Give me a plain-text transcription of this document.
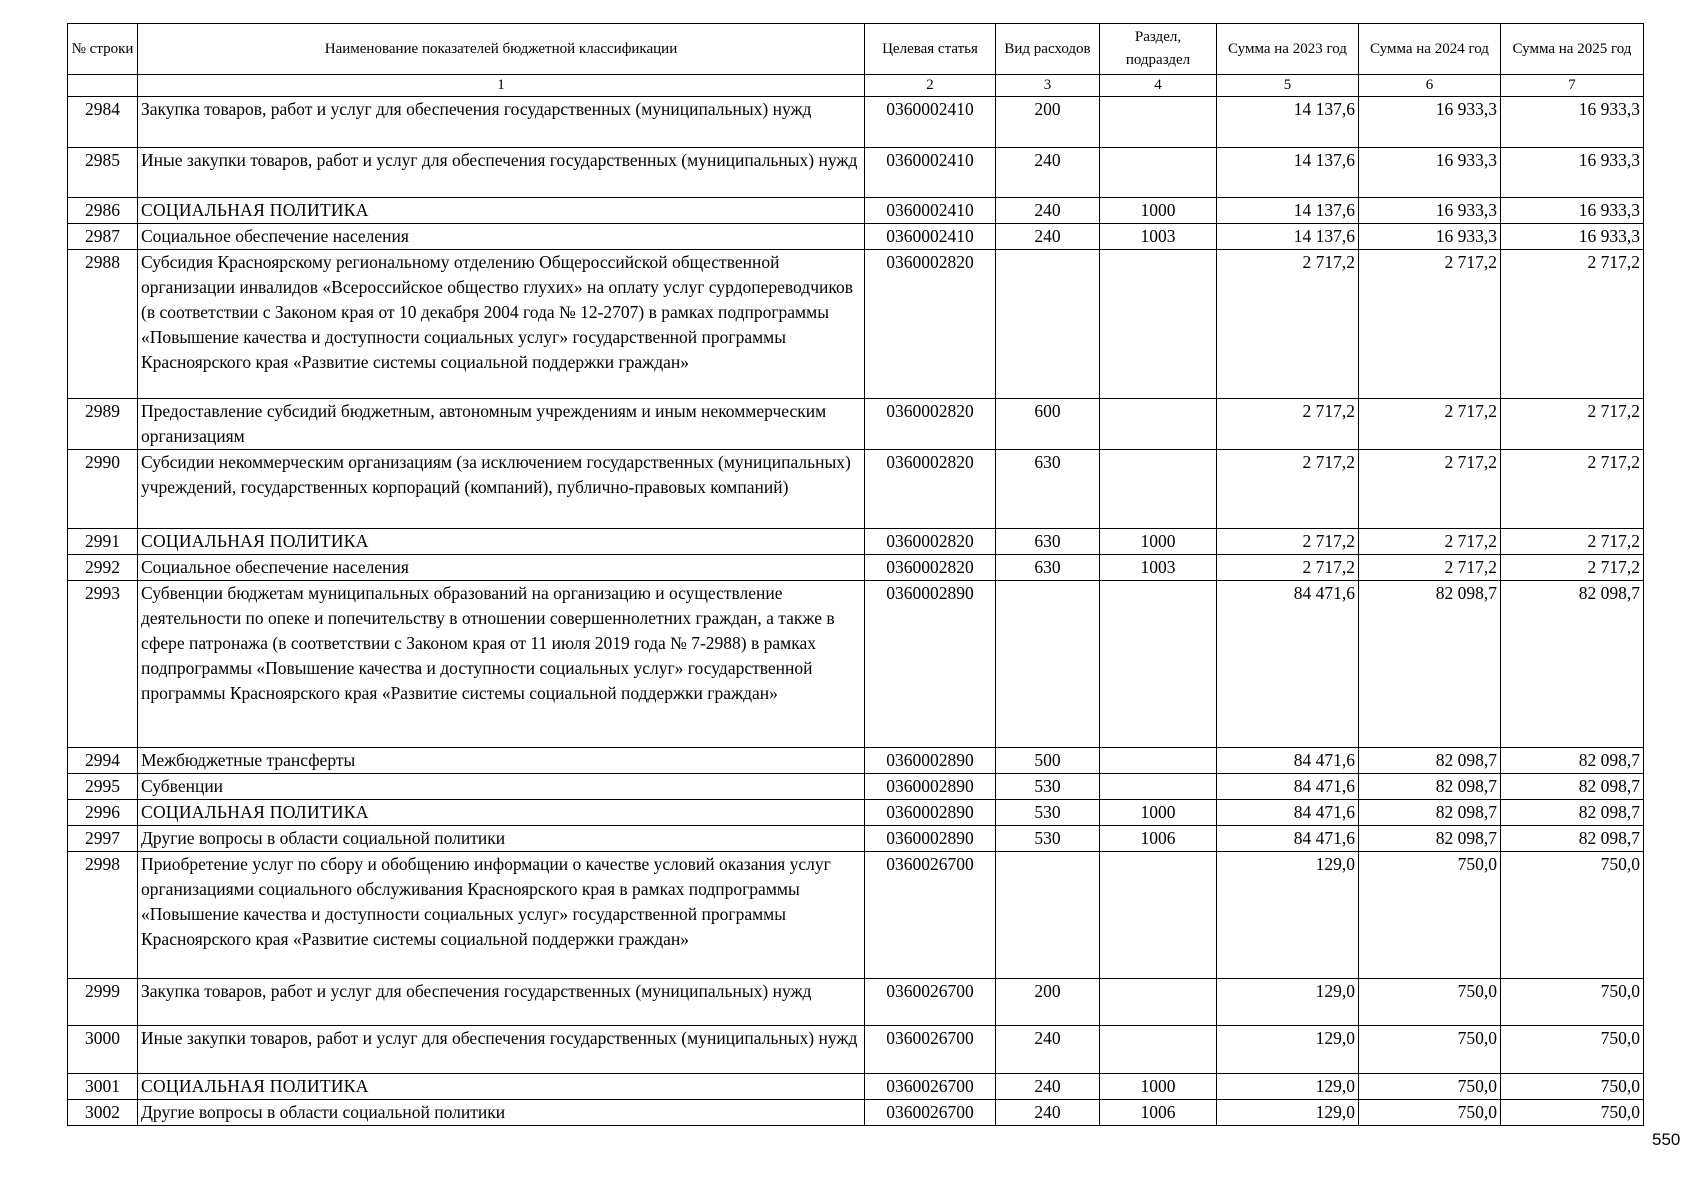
№ строки	Наименование показателей бюджетной классификации	Целевая статья	Вид расходов	Раздел, подраздел	Сумма на 2023 год	Сумма на 2024 год	Сумма на 2025 год
	1	2	3	4	5	6	7
2984	Закупка товаров, работ и услуг для обеспечения государственных (муниципальных) нужд	0360002410	200		14 137,6	16 933,3	16 933,3
2985	Иные закупки товаров, работ и услуг для обеспечения государственных (муниципальных) нужд	0360002410	240		14 137,6	16 933,3	16 933,3
2986	СОЦИАЛЬНАЯ ПОЛИТИКА	0360002410	240	1000	14 137,6	16 933,3	16 933,3
2987	Социальное обеспечение населения	0360002410	240	1003	14 137,6	16 933,3	16 933,3
2988	Субсидия Красноярскому региональному отделению Общероссийской общественной организации инвалидов «Всероссийское общество глухих» на оплату услуг сурдопереводчиков (в соответствии с Законом края от 10 декабря 2004 года № 12-2707) в рамках подпрограммы «Повышение качества и доступности социальных услуг» государственной программы Красноярского края «Развитие системы социальной поддержки граждан»	0360002820			2 717,2	2 717,2	2 717,2
2989	Предоставление субсидий бюджетным, автономным учреждениям и иным некоммерческим организациям	0360002820	600		2 717,2	2 717,2	2 717,2
2990	Субсидии некоммерческим организациям (за исключением государственных (муниципальных) учреждений, государственных корпораций (компаний), публично-правовых компаний)	0360002820	630		2 717,2	2 717,2	2 717,2
2991	СОЦИАЛЬНАЯ ПОЛИТИКА	0360002820	630	1000	2 717,2	2 717,2	2 717,2
2992	Социальное обеспечение населения	0360002820	630	1003	2 717,2	2 717,2	2 717,2
2993	Субвенции бюджетам муниципальных образований на организацию и осуществление деятельности по опеке и попечительству в отношении совершеннолетних граждан, а также в сфере патронажа (в соответствии с Законом края от 11 июля 2019 года № 7-2988) в рамках подпрограммы «Повышение качества и доступности социальных услуг» государственной программы Красноярского края «Развитие системы социальной поддержки граждан»	0360002890			84 471,6	82 098,7	82 098,7
2994	Межбюджетные трансферты	0360002890	500		84 471,6	82 098,7	82 098,7
2995	Субвенции	0360002890	530		84 471,6	82 098,7	82 098,7
2996	СОЦИАЛЬНАЯ ПОЛИТИКА	0360002890	530	1000	84 471,6	82 098,7	82 098,7
2997	Другие вопросы в области социальной политики	0360002890	530	1006	84 471,6	82 098,7	82 098,7
2998	Приобретение услуг по сбору и обобщению информации о качестве условий оказания услуг организациями социального обслуживания Красноярского края в рамках подпрограммы «Повышение качества и доступности социальных услуг» государственной программы Красноярского края «Развитие системы социальной поддержки граждан»	0360026700			129,0	750,0	750,0
2999	Закупка товаров, работ и услуг для обеспечения государственных (муниципальных) нужд	0360026700	200		129,0	750,0	750,0
3000	Иные закупки товаров, работ и услуг для обеспечения государственных (муниципальных) нужд	0360026700	240		129,0	750,0	750,0
3001	СОЦИАЛЬНАЯ ПОЛИТИКА	0360026700	240	1000	129,0	750,0	750,0
3002	Другие вопросы в области социальной политики	0360026700	240	1006	129,0	750,0	750,0
550
